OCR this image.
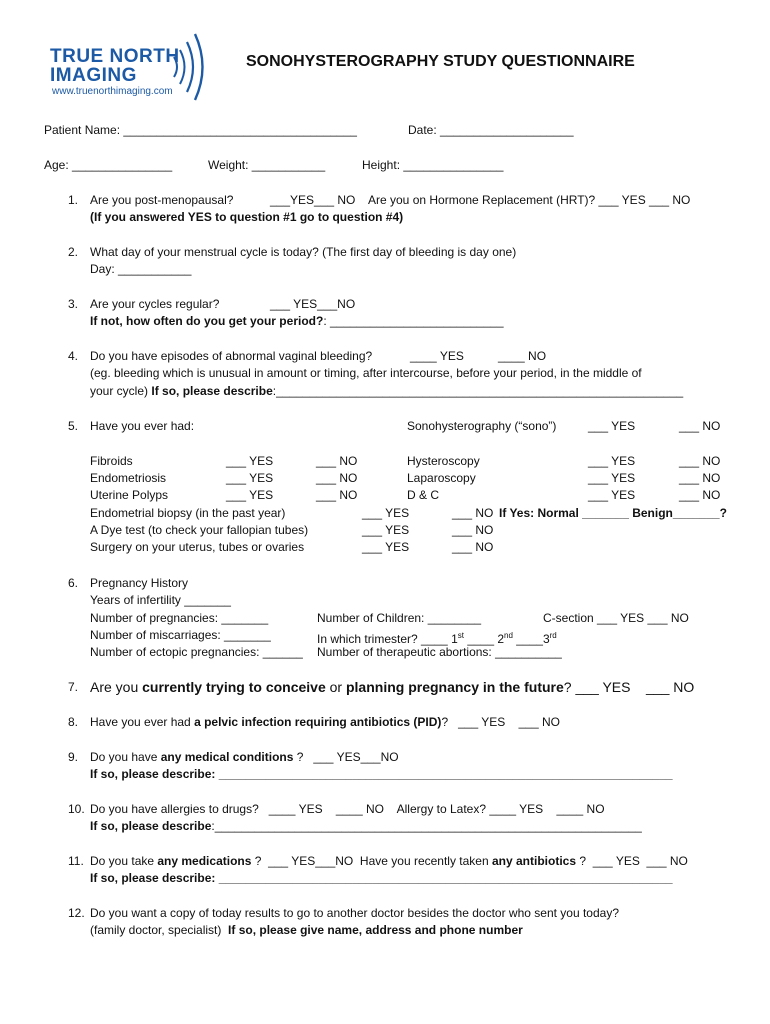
TRUE NORTH
IMAGING
www.truenorthimaging.com
SONOHYSTEROGRAPHY STUDY QUESTIONNAIRE
Patient Name: ___________________________________	Date: ____________________
Age: _______________	Weight: ___________	Height: _______________
1. Are you post-menopausal?	___YES___ NO Are you on Hormone Replacement (HRT)? ___ YES ___ NO
(If you answered YES to question #1 go to question #4)
2. What day of your menstrual cycle is today? (The first day of bleeding is day one)
Day: ___________
3. Are your cycles regular?	___ YES___NO
If not, how often do you get your period?: __________________________
4. Do you have episodes of abnormal vaginal bleeding?	____ YES	____ NO
(eg. bleeding which is unusual in amount or timing, after intercourse, before your period, in the middle of
your cycle) If so, please describe:_____________________________________________________________
5. Have you ever had:	Sonohysterography (“sono”)	___ YES	___ NO
Fibroids	___ YES	___ NO
Endometriosis	___ YES	___ NO
Uterine Polyps	___ YES	___ NO
Hysteroscopy	___ YES	___ NO
Laparoscopy	___ YES	___ NO
D & C	___ YES	___ NO
Endometrial biopsy (in the past year)	___ YES	___ NO If Yes: Normal _______ Benign_______?
A Dye test (to check your fallopian tubes)	___ YES	___ NO
Surgery on your uterus, tubes or ovaries	___ YES	___ NO
6. Pregnancy History
Years of infertility _______
Number of pregnancies: _______	Number of Children: ________	C-section ___ YES ___ NO
Number of miscarriages: _______	In which trimester? ____ 1st ____ 2nd ____3rd
Number of ectopic pregnancies: ______ Number of therapeutic abortions: __________
7. Are you currently trying to conceive or planning pregnancy in the future? ___ YES    ___ NO
8. Have you ever had a pelvic infection requiring antibiotics (PID)?   ___ YES    ___ NO
9. Do you have any medical conditions ?   ___ YES___NO
If so, please describe: ____________________________________________________________________
10. Do you have allergies to drugs?   ____ YES    ____ NO    Allergy to Latex? ____ YES    ____ NO
If so, please describe:________________________________________________________________
11. Do you take any medications ?  ___ YES___NO  Have you recently taken any antibiotics ?  ___ YES  ___ NO
If so, please describe: ____________________________________________________________________
12. Do you want a copy of today results to go to another doctor besides the doctor who sent you today?
(family doctor, specialist)  If so, please give name, address and phone number
